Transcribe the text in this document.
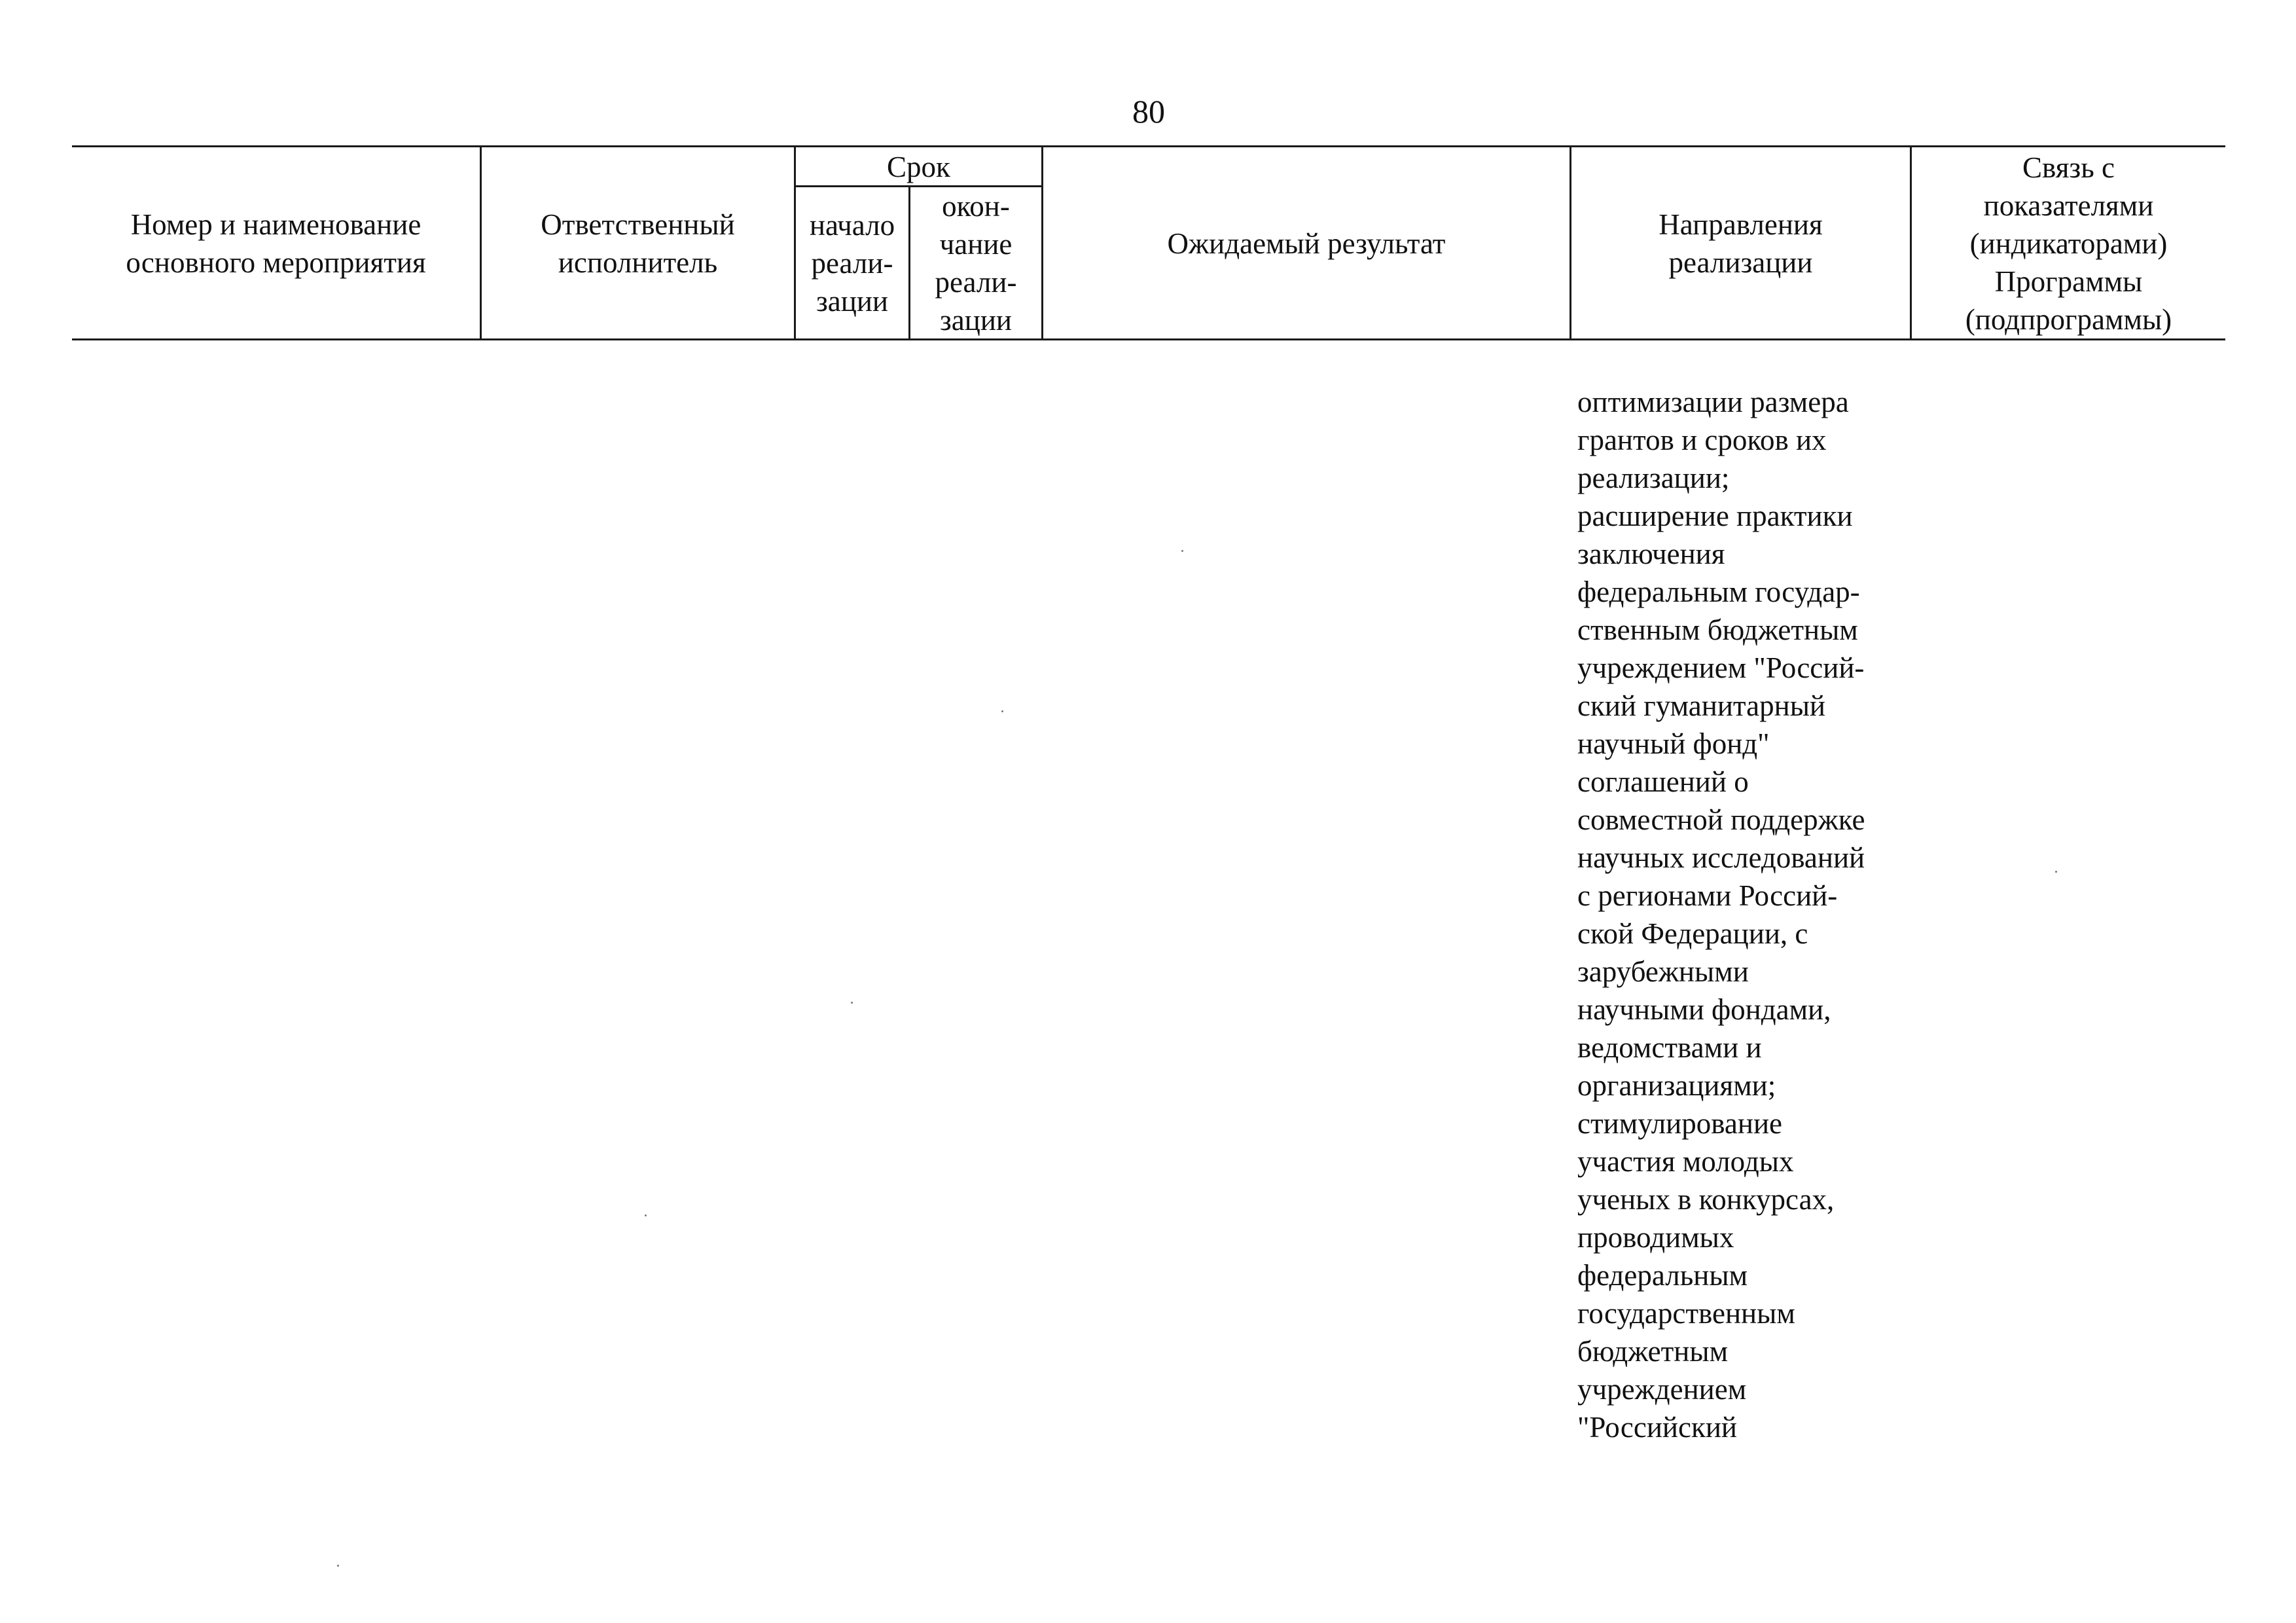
80
Номер и наименование
основного мероприятия
Ответственный
исполнитель
Срок
начало
реали-
зации
окон-
чание
реали-
зации
Ожидаемый результат
Направления
реализации
Связь с
показателями
(индикаторами)
Программы
(подпрограммы)
оптимизации размера
грантов и сроков их
реализации;
расширение практики
заключения
федеральным государ-
ственным бюджетным
учреждением "Россий-
ский гуманитарный
научный фонд"
соглашений о
совместной поддержке
научных исследований
с регионами Россий-
ской Федерации, с
зарубежными
научными фондами,
ведомствами и
организациями;
стимулирование
участия молодых
ученых в конкурсах,
проводимых
федеральным
государственным
бюджетным
учреждением
"Российский
